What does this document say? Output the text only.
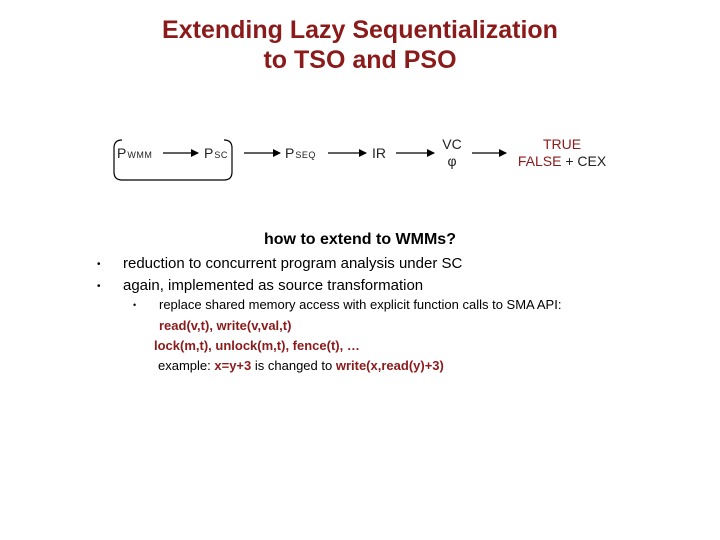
Extending Lazy Sequentialization
to TSO and PSO
PWMM	PSC	PSEQ	IR
VC
φ
TRUE
FALSE + CEX
how to extend to WMMs?
• reduction to concurrent program analysis under SC
• again, implemented as source transformation
• replace shared memory access with explicit function calls to SMA API:
read(v,t), write(v,val,t)
lock(m,t), unlock(m,t), fence(t), …
example: x=y+3 is changed to write(x,read(y)+3)
